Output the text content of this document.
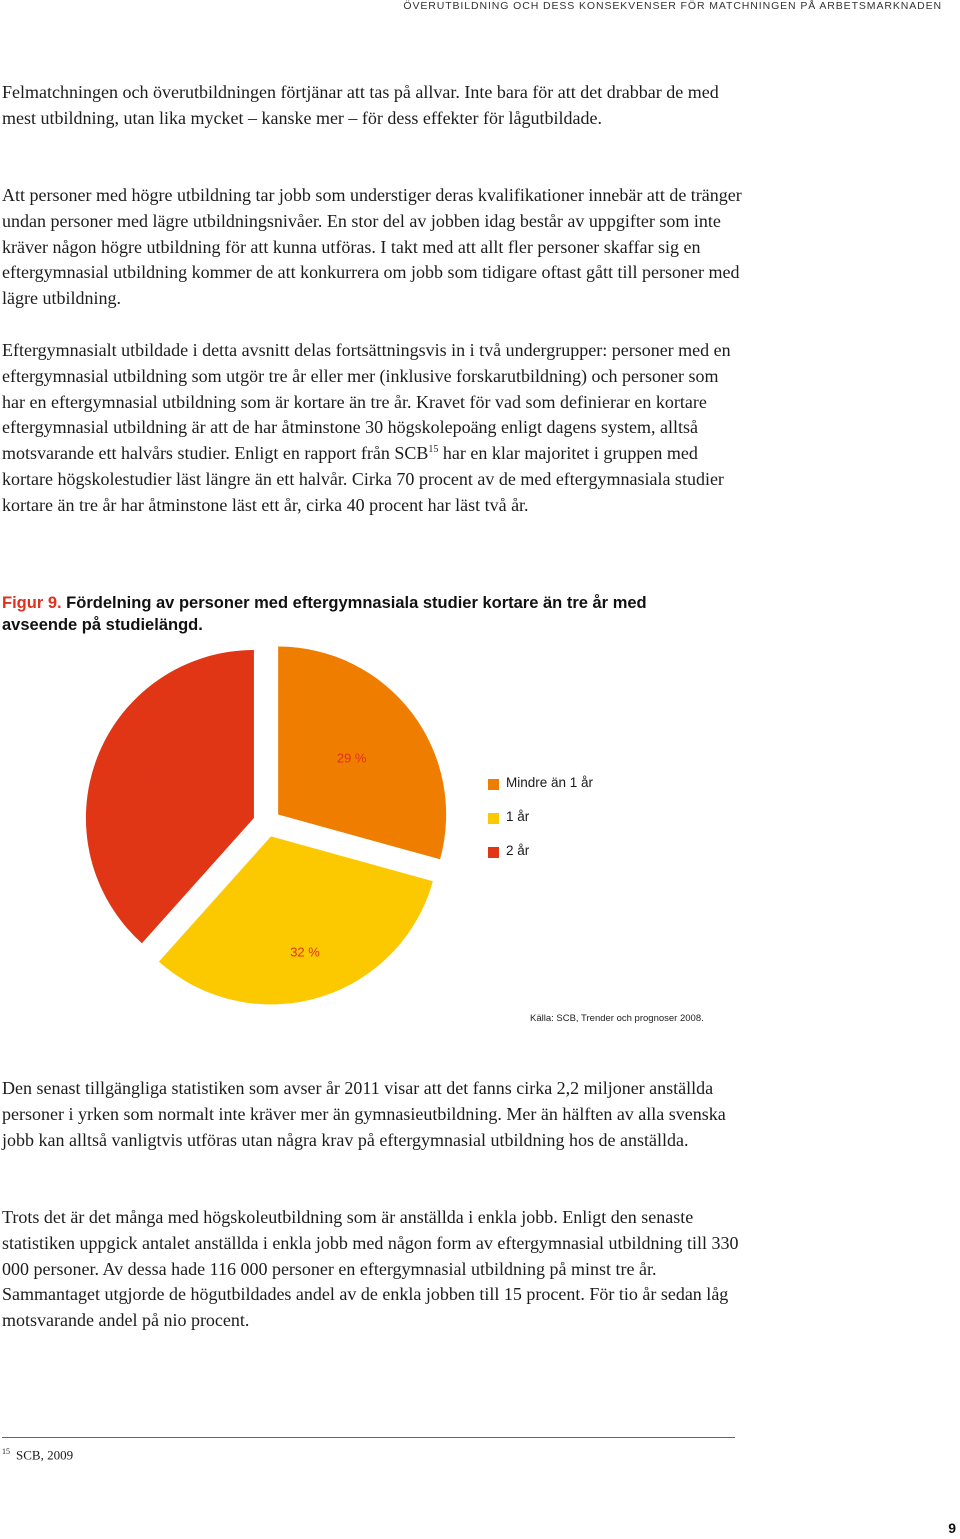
ÖVERUTBILDNING OCH DESS KONSEKVENSER FÖR MATCHNINGEN PÅ ARBETSMARKNADEN

Felmatchningen och överutbildningen förtjänar att tas på allvar. Inte bara för att det drabbar de med mest utbildning, utan lika mycket – kanske mer – för dess effekter för lågutbildade.

Att personer med högre utbildning tar jobb som understiger deras kvalifikationer innebär att de tränger undan personer med lägre utbildningsnivåer. En stor del av jobben idag består av uppgifter som inte kräver någon högre utbildning för att kunna utföras. I takt med att allt fler personer skaffar sig en eftergymnasial utbildning kommer de att konkurrera om jobb som tidigare oftast gått till personer med lägre utbildning.

Eftergymnasialt utbildade i detta avsnitt delas fortsättningsvis in i två undergrupper: personer med en eftergymnasial utbildning som utgör tre år eller mer (inklusive forskarutbildning) och personer som har en eftergymnasial utbildning som är kortare än tre år. Kravet för vad som definierar en kortare eftergymnasial utbildning är att de har åtminstone 30 högskolepoäng enligt dagens system, alltså motsvarande ett halvårs studier. Enligt en rapport från SCB$^{15}$ har en klar majoritet i gruppen med kortare högskolestudier läst längre än ett halvår. Cirka 70 procent av de med eftergymnasiala studier kortare än tre år har åtminstone läst ett år, cirka 40 procent har läst två år.

Figur 9. Fördelning av personer med eftergymnasiala studier kortare än tre år med avseende på studielängd.

29 %
32 %
38 %	Mindre än 1 år
1 år
2 år
Källa: SCB, Trender och prognoser 2008.

Den senast tillgängliga statistiken som avser år 2011 visar att det fanns cirka 2,2 miljoner anställda personer i yrken som normalt inte kräver mer än gymnasieutbildning. Mer än hälften av alla svenska jobb kan alltså vanligtvis utföras utan några krav på eftergymnasial utbildning hos de anställda.

Trots det är det många med högskoleutbildning som är anställda i enkla jobb. Enligt den senaste statistiken uppgick antalet anställda i enkla jobb med någon form av eftergymnasial utbildning till 330 000 personer. Av dessa hade 116 000 personer en eftergymnasial utbildning på minst tre år. Sammantaget utgjorde de högutbildades andel av de enkla jobben till 15 procent. För tio år sedan låg motsvarande andel på nio procent.

$^{15}$ SCB, 2009
9
